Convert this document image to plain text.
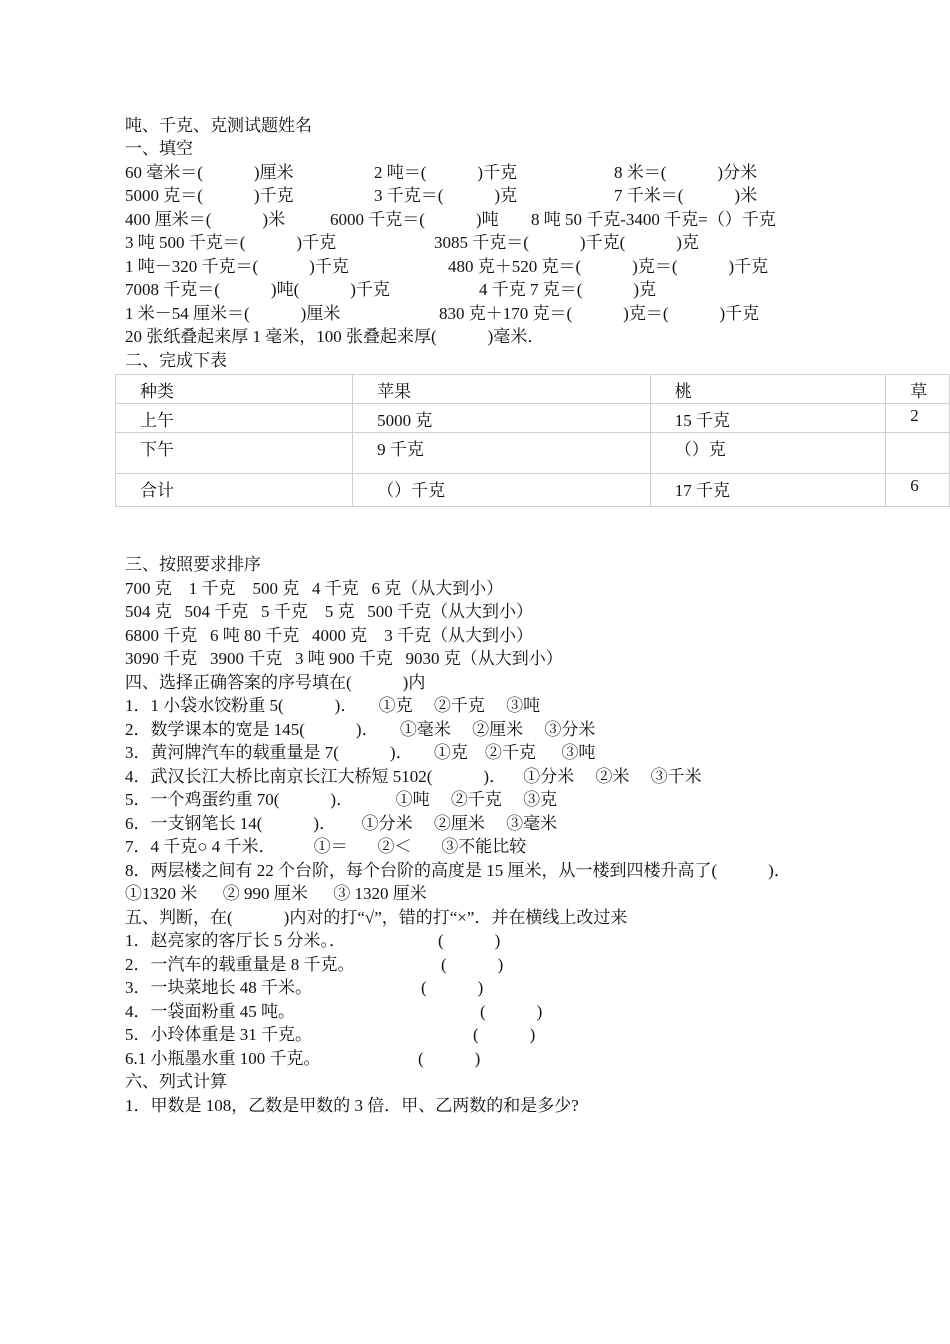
吨、千克、克测试题姓名
一、填空

60 毫米＝(            )厘米

	2 吨＝(            )千克

	8 米＝(            )分米

5000 克＝(            )千克

	3 千克＝(            )克

	7 千米＝(            )米

400 厘米＝(            )米

	6000 千克＝(            )吨

8 吨 50 千克-3400 千克=（）千克

3 吨 500 千克＝(            )千克

	3085 千克＝(            )千克(            )克

1 吨－320 千克＝(            )千克

	480 克＋520 克＝(            )克＝(            )千克

7008 千克＝(            )吨(            )千克

	4 千克 7 克＝(            )克

1 米－54 厘米＝(            )厘米

	830 克＋170 克＝(            )克＝(            )千克

20 张纸叠起来厚 1 毫米，100 张叠起来厚(            )毫米．

二、完成下表
种类	苹果	桃	草
上午	5000 克	15 千克	2
下午	9 千克	（）克	
合计	（）千克	17 千克	6
三、按照要求排序
700 克    1 千克    500 克   4 千克   6 克（从大到小）
504 克   504 千克   5 千克    5 克   500 千克（从大到小）
6800 千克   6 吨 80 千克   4000 克    3 千克（从大到小）
3090 千克   3900 千克   3 吨 900 千克   9030 克（从大到小）
四、选择正确答案的序号填在(            )内
1．1 小袋水饺粉重 5(            )．     ①克     ②千克     ③吨
2．数学课本的宽是 145(            )．     ①毫米     ②厘米     ③分米
3．黄河牌汽车的载重量是 7(            )．     ①克    ②千克      ③吨
4．武汉长江大桥比南京长江大桥短 5102(            )．    ①分米     ②米     ③千米
5．一个鸡蛋约重 70(            )．          ①吨     ②千克     ③克
6．一支钢笔长 14(            )．      ①分米     ②厘米     ③毫米
7．4 千克○ 4 千米．         ①＝       ②＜       ③不能比较
8．两层楼之间有 22 个台阶，每个台阶的高度是 15 厘米，从一楼到四楼升高了(            )．
①1320 米      ② 990 厘米      ③ 1320 厘米
五、判断，在(            )内对的打“√”，错的打“×”．并在横线上改过来

1．赵亮家的客厅长 5 分米。．

	(            )

2．一汽车的载重量是 8 千克。

	(            )

3．一块菜地长 48 千米。

	(            )

4．一袋面粉重 45 吨。

	(            )

5．小玲体重是 31 千克。

	(            )

6.1 小瓶墨水重 100 千克。

	(            )

六、列式计算
1．甲数是 108，乙数是甲数的 3 倍．甲、乙两数的和是多少?
